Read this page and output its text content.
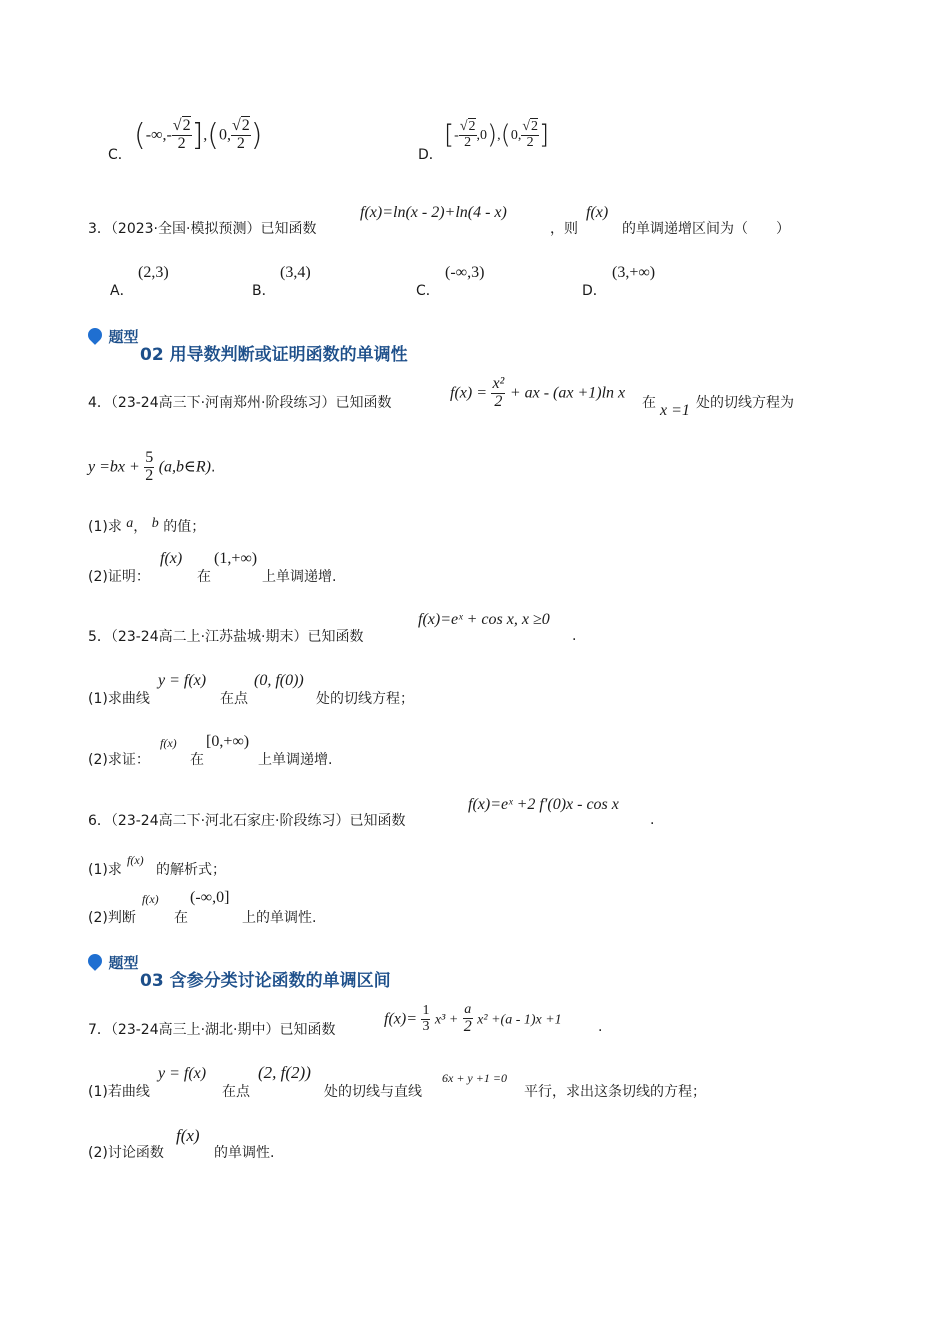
C．
(-∞,- $\frac{√2}{2} ],(0$, $\frac{√2}{2}$ )
D．
[- $\frac{√2}{2} ,0),(0$, $\frac{√2}{2}$ ]
3．（2023·全国·模拟预测）已知函数
f(x)=ln(x - 2)+ln(4 - x)
，则
f(x)
的单调递增区间为（　　）
A．
(2,3)
B．
(3,4)
C．
(-∞,3)
D．
(3,+∞)
题型
02 用导数判断或证明函数的单调性
4．（23-24高三下·河南郑州·阶段练习）已知函数
$f(x) = \frac{\text{x²}}{2}$ + ax - (ax +1)ln x
在 x =1 处的切线方程为
$y =bx + \frac{5}{2}$ (a,b∈R).
(1)求 a， b 的值；
(2)证明：
f(x)
在
(1,+∞)
上单调递增.
5．（23-24高二上·江苏盐城·期末）已知函数
f(x)=eˣ + cos x, x ≥0
.
(1)求曲线
y = f(x)
在点
(0, f(0))
处的切线方程；
(2)求证：
f(x)
在
[0,+∞)
上单调递增.
6．（23-24高二下·河北石家庄·阶段练习）已知函数
f(x)=eˣ +2 f′(0)x - cos x
.
(1)求
f(x)
的解析式；
(2)判断
f(x)
在
(-∞,0]
上的单调性.
题型
03 含参分类讨论函数的单调区间
7．（23-24高三上·湖北·期中）已知函数
$f(x)= \frac{1}{3} x^3 + \frac{a}{2} x^2 +(a - 1)x +1$	.
(1)若曲线
y = f(x)
在点
(2, f(2))
处的切线与直线
6x + y +1 =0
平行，求出这条切线的方程；
(2)讨论函数
f(x)
的单调性.
